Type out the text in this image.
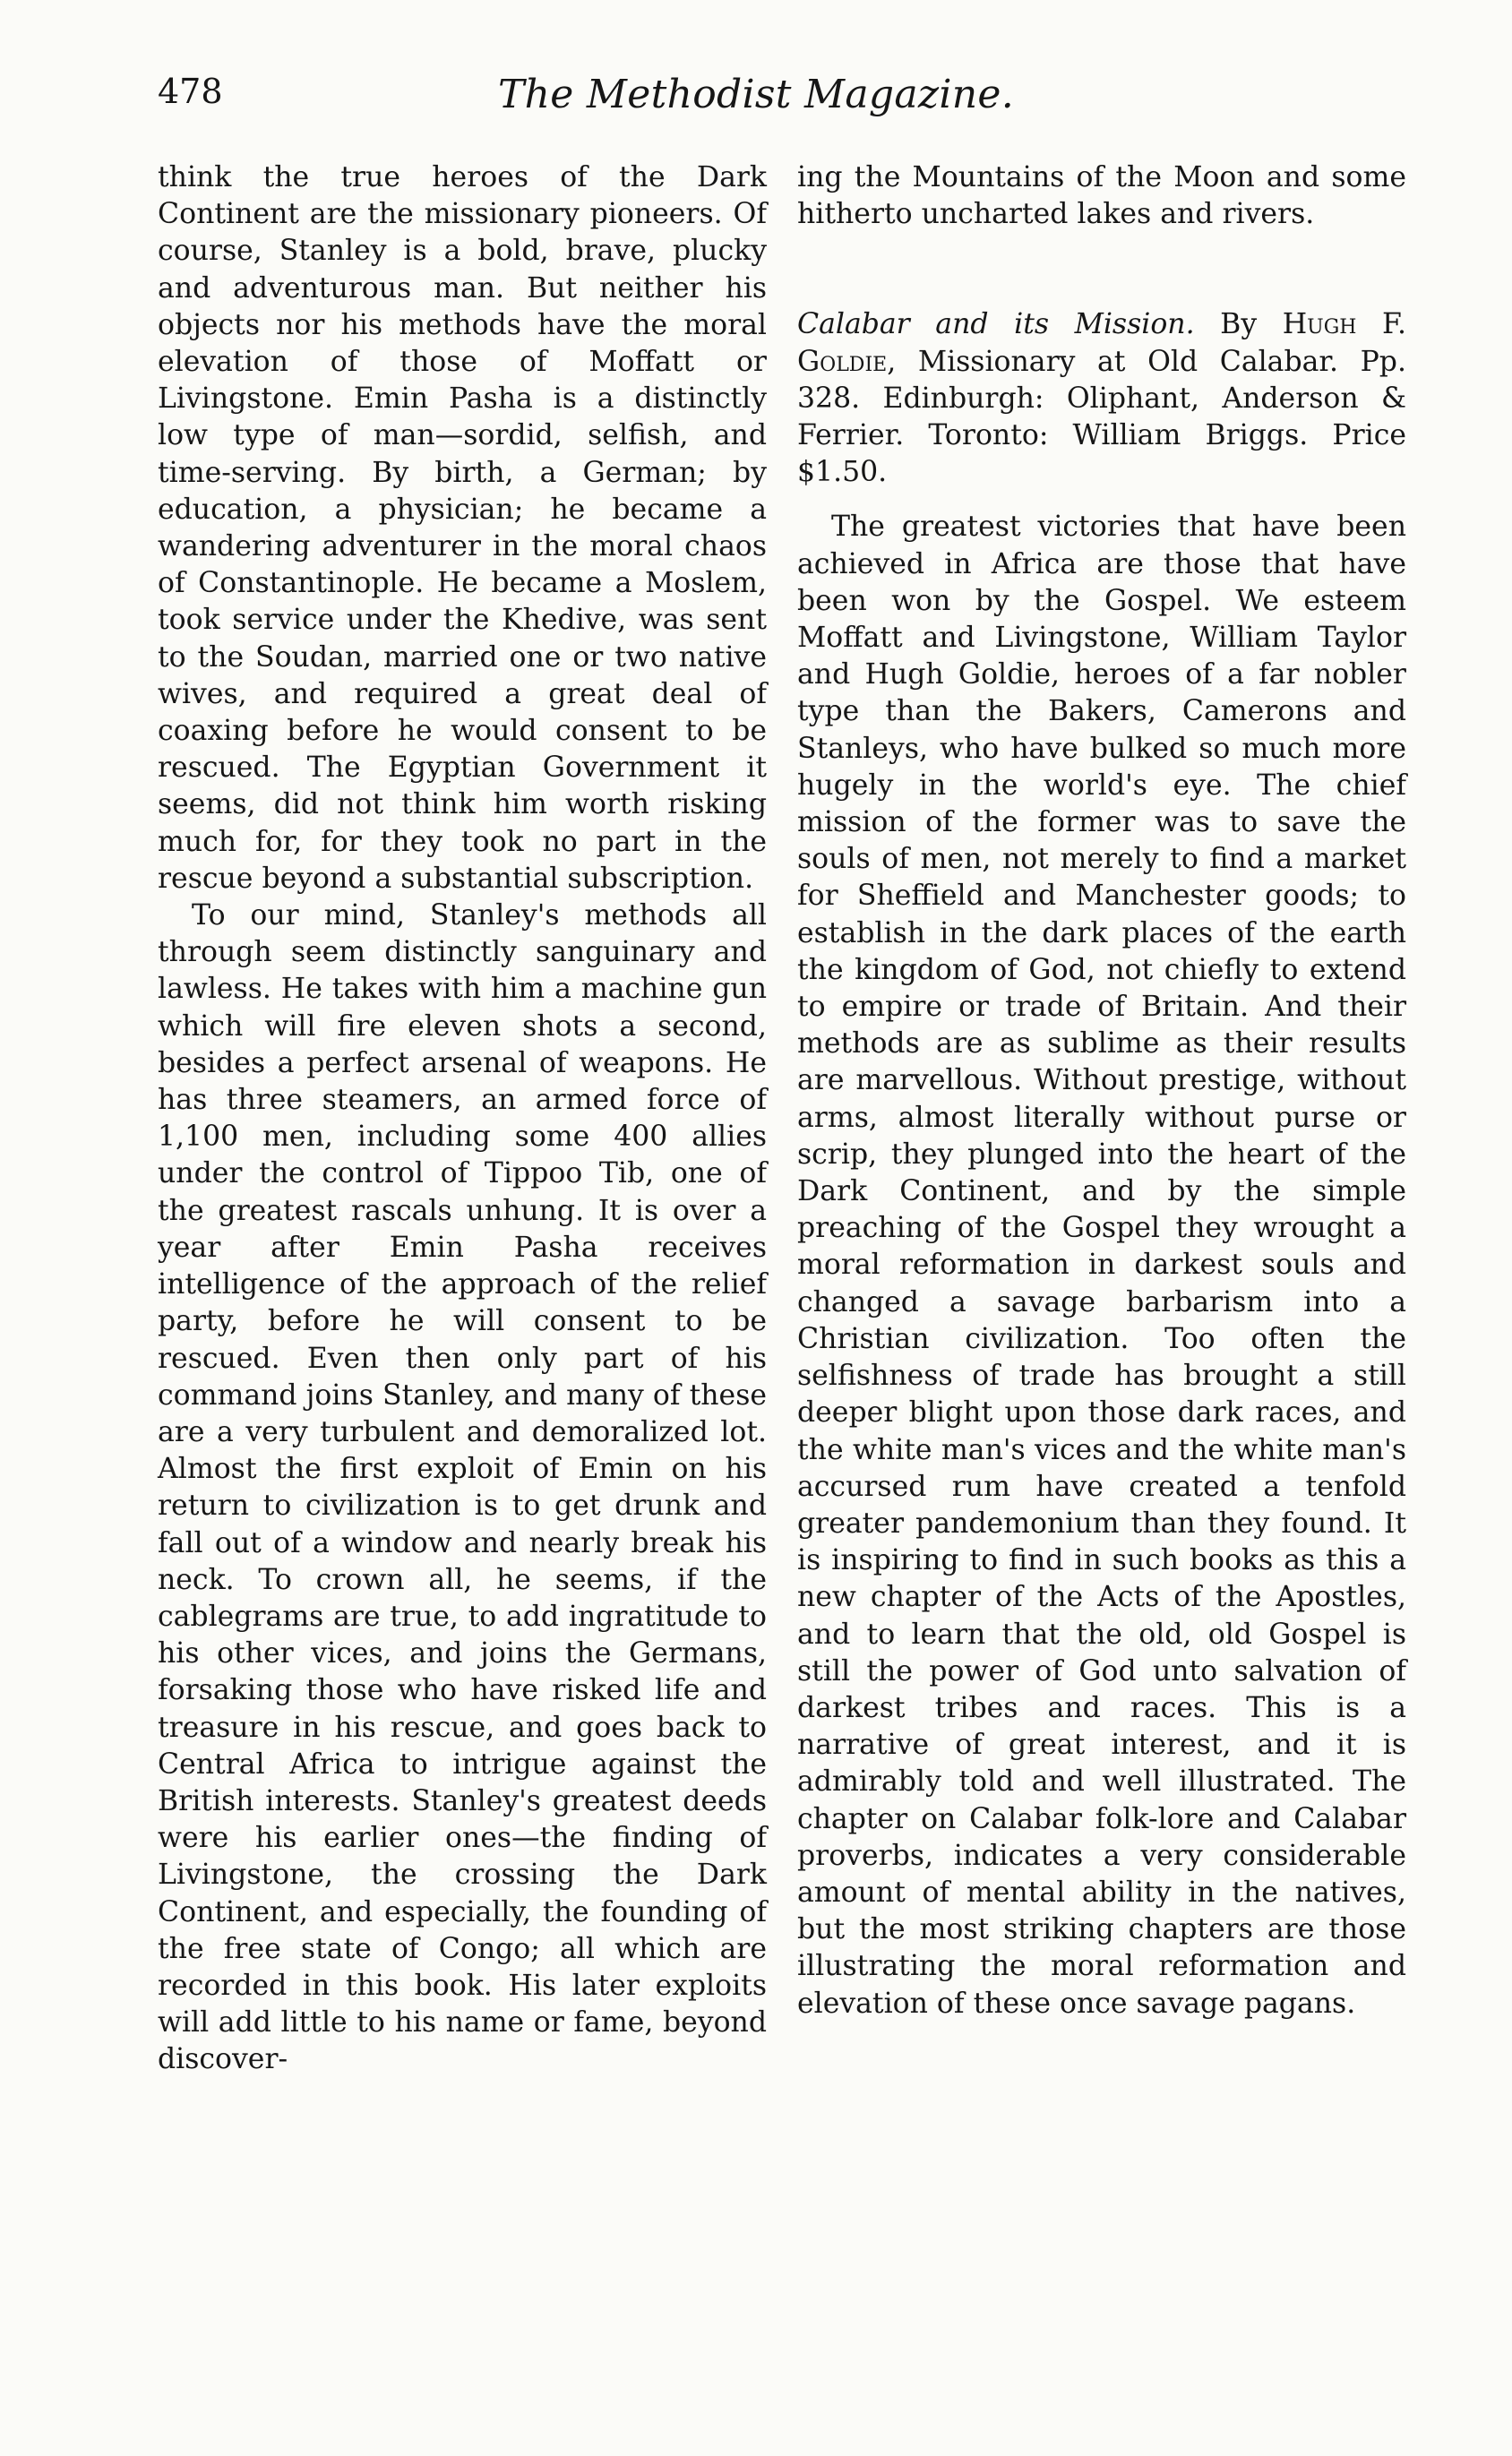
478	The Methodist Magazine.

think the true heroes of the Dark Continent are the missionary pioneers. Of course, Stanley is a bold, brave, plucky and adventurous man. But neither his objects nor his methods have the moral elevation of those of Moffatt or Livingstone. Emin Pasha is a distinctly low type of man—sordid, selfish, and time-serving. By birth, a German; by education, a physician; he became a wandering adventurer in the moral chaos of Constantinople. He became a Moslem, took service under the Khedive, was sent to the Soudan, married one or two native wives, and required a great deal of coaxing before he would consent to be rescued. The Egyptian Government it seems, did not think him worth risking much for, for they took no part in the rescue beyond a substantial subscription.

To our mind, Stanley's methods all through seem distinctly sanguinary and lawless. He takes with him a machine gun which will fire eleven shots a second, besides a perfect arsenal of weapons. He has three steamers, an armed force of 1,100 men, including some 400 allies under the control of Tippoo Tib, one of the greatest rascals unhung. It is over a year after Emin Pasha receives intelligence of the approach of the relief party, before he will consent to be rescued. Even then only part of his command joins Stanley, and many of these are a very turbulent and demoralized lot. Almost the first exploit of Emin on his return to civilization is to get drunk and fall out of a window and nearly break his neck. To crown all, he seems, if the cablegrams are true, to add ingratitude to his other vices, and joins the Germans, forsaking those who have risked life and treasure in his rescue, and goes back to Central Africa to intrigue against the British interests. Stanley's greatest deeds were his earlier ones—the finding of Livingstone, the crossing the Dark Continent, and especially, the founding of the free state of Congo; all which are recorded in this book. His later exploits will add little to his name or fame, beyond discover-

ing the Mountains of the Moon and some hitherto uncharted lakes and rivers.

Calabar and its Mission. By Hugh F. Goldie, Missionary at Old Calabar. Pp. 328. Edinburgh: Oliphant, Anderson & Ferrier. Toronto: William Briggs. Price $1.50.

The greatest victories that have been achieved in Africa are those that have been won by the Gospel. We esteem Moffatt and Livingstone, William Taylor and Hugh Goldie, heroes of a far nobler type than the Bakers, Camerons and Stanleys, who have bulked so much more hugely in the world's eye. The chief mission of the former was to save the souls of men, not merely to find a market for Sheffield and Manchester goods; to establish in the dark places of the earth the kingdom of God, not chiefly to extend to empire or trade of Britain. And their methods are as sublime as their results are marvellous. Without prestige, without arms, almost literally without purse or scrip, they plunged into the heart of the Dark Continent, and by the simple preaching of the Gospel they wrought a moral reformation in darkest souls and changed a savage barbarism into a Christian civilization. Too often the selfishness of trade has brought a still deeper blight upon those dark races, and the white man's vices and the white man's accursed rum have created a tenfold greater pandemonium than they found. It is inspiring to find in such books as this a new chapter of the Acts of the Apostles, and to learn that the old, old Gospel is still the power of God unto salvation of darkest tribes and races. This is a narrative of great interest, and it is admirably told and well illustrated. The chapter on Calabar folk-lore and Calabar proverbs, indicates a very considerable amount of mental ability in the natives, but the most striking chapters are those illustrating the moral reformation and elevation of these once savage pagans.
